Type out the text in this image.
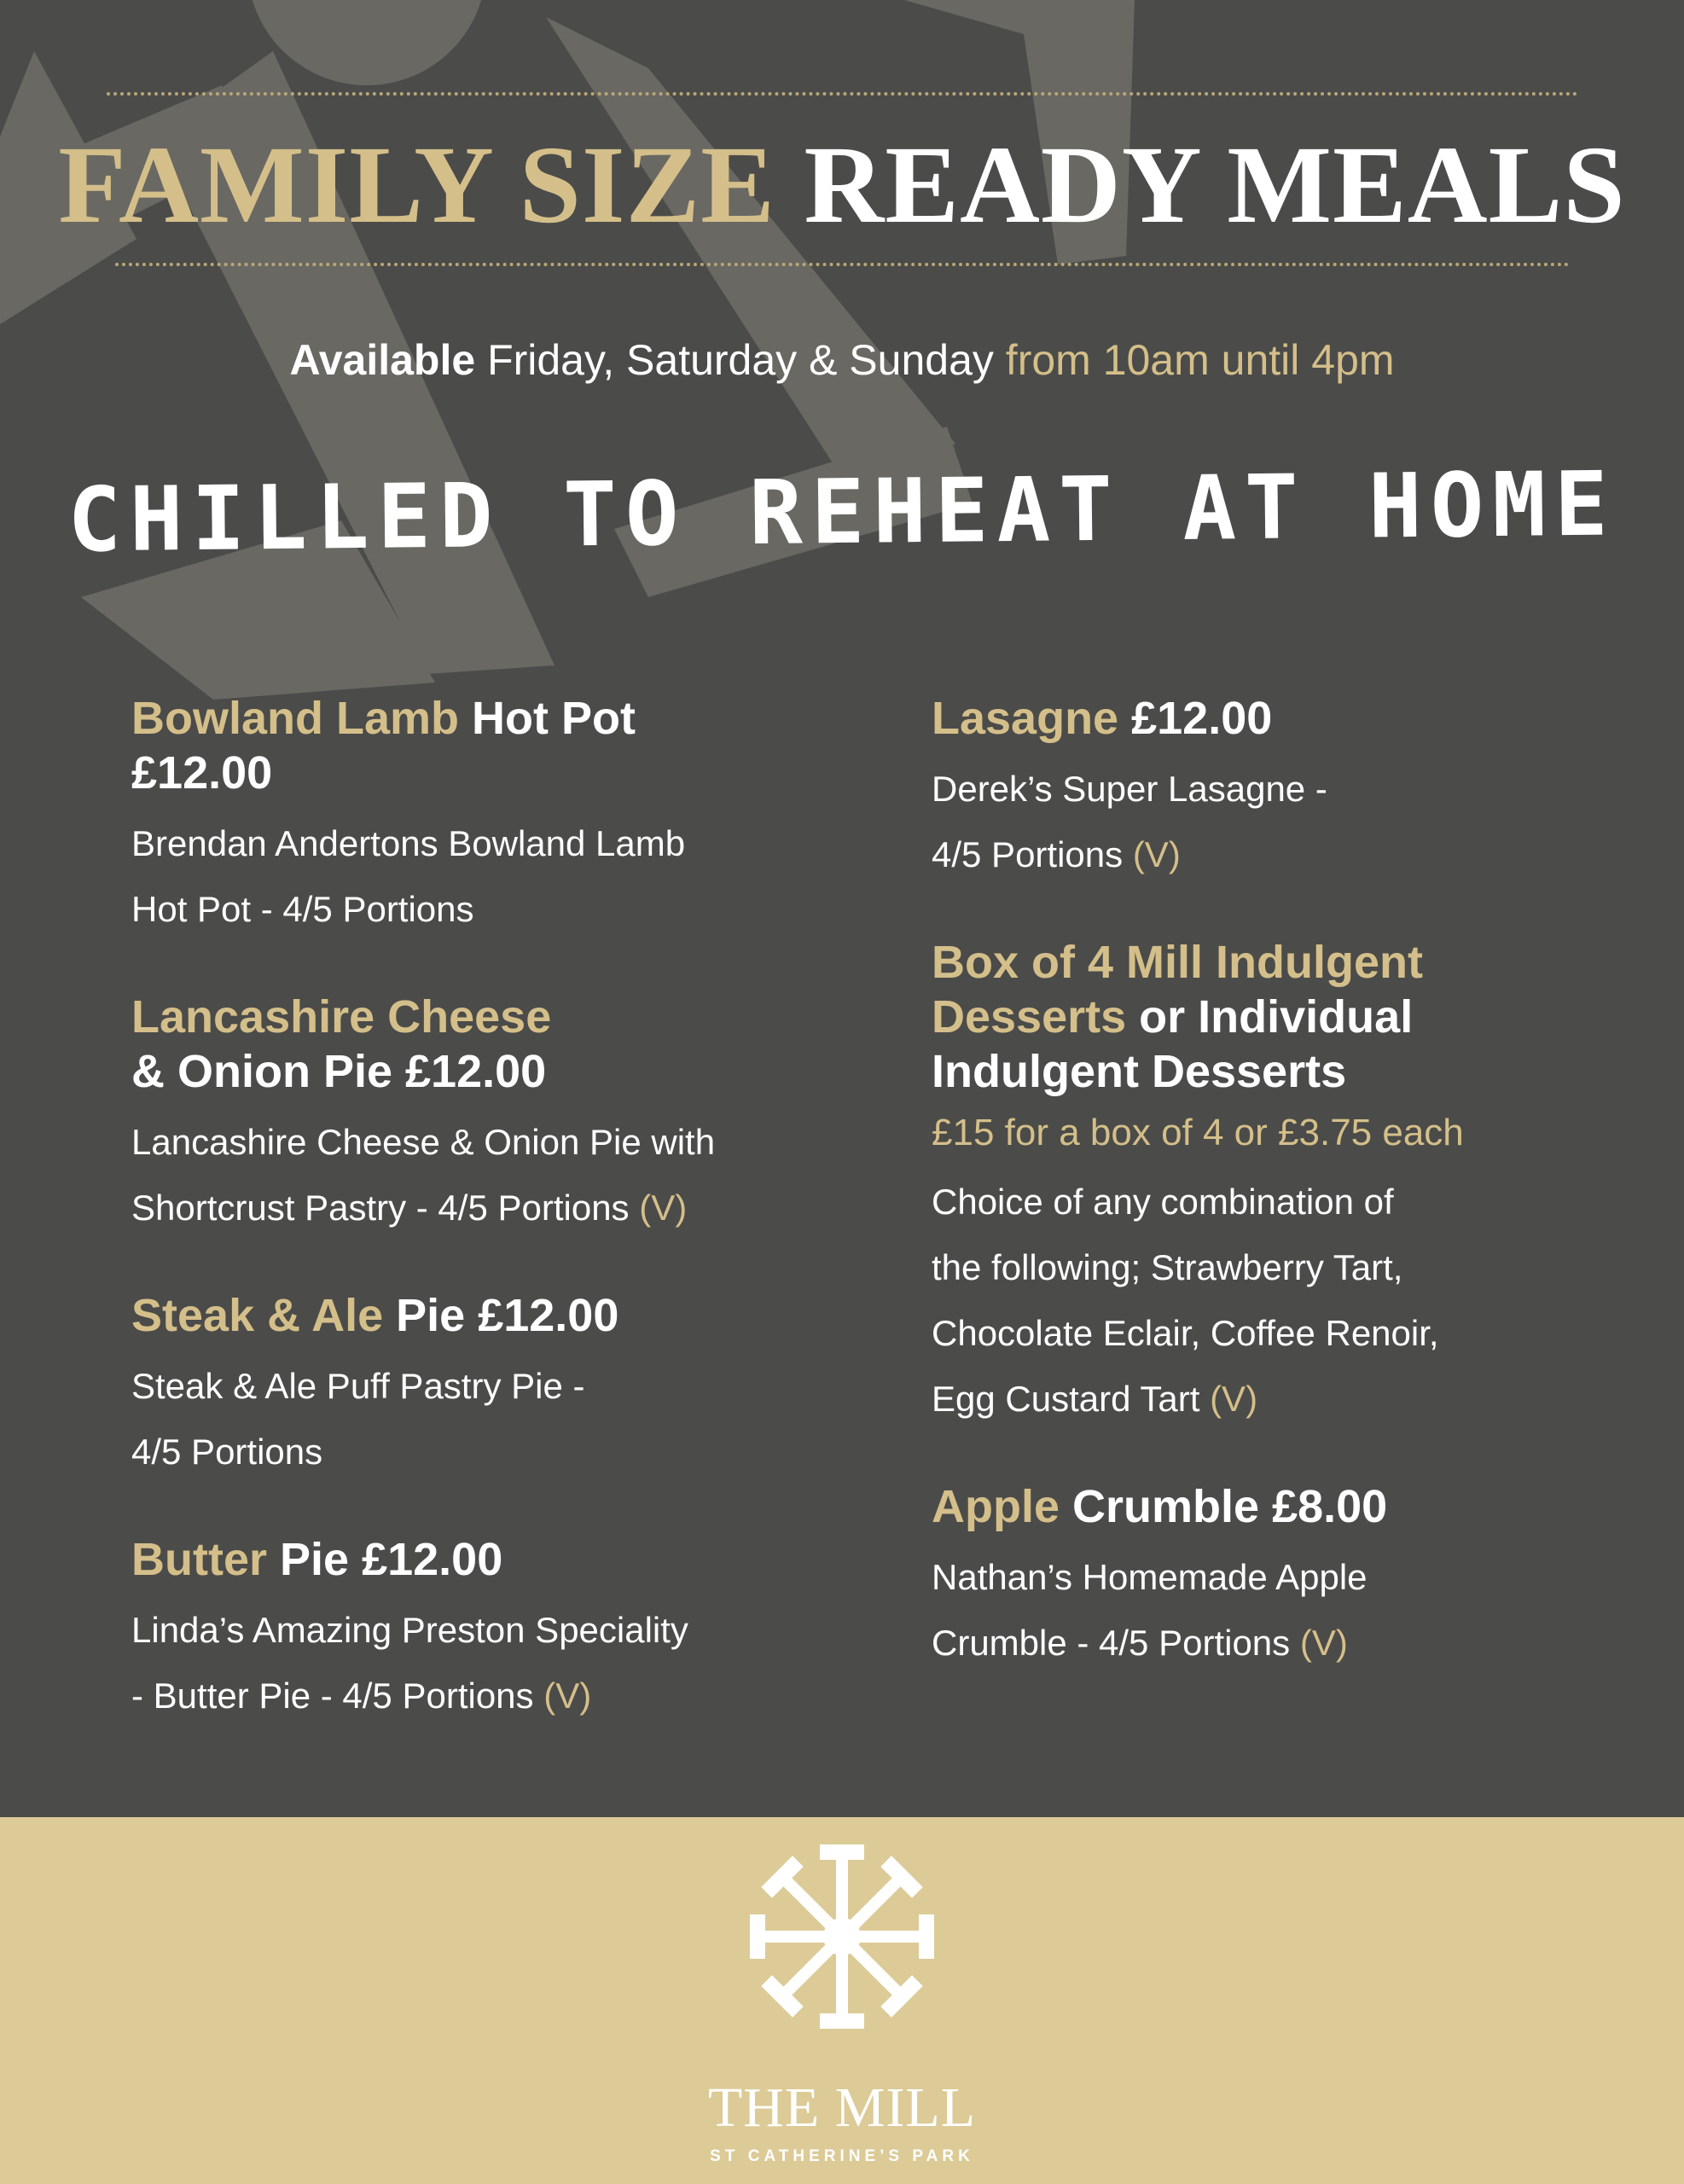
FAMILY SIZE READY MEALS

Available Friday, Saturday & Sunday from 10am until 4pm

CHILLED TO REHEAT AT HOME
Bowland Lamb Hot Pot
£12.00
Brendan Andertons Bowland Lamb
Hot Pot - 4/5 Portions
Lancashire Cheese
& Onion Pie £12.00
Lancashire Cheese & Onion Pie with
Shortcrust Pastry - 4/5 Portions (V)
Steak & Ale Pie £12.00
Steak & Ale Puff Pastry Pie -
4/5 Portions
Butter Pie £12.00
Linda’s Amazing Preston Speciality
- Butter Pie - 4/5 Portions (V)
Lasagne £12.00
Derek’s Super Lasagne -
4/5 Portions (V)
Box of 4 Mill Indulgent
Desserts or Individual
Indulgent Desserts
£15 for a box of 4 or £3.75 each
Choice of any combination of
the following; Strawberry Tart,
Chocolate Eclair, Coffee Renoir,
Egg Custard Tart (V)
Apple Crumble £8.00
Nathan’s Homemade Apple
Crumble - 4/5 Portions (V)
THE MILL
ST CATHERINE’S PARK
